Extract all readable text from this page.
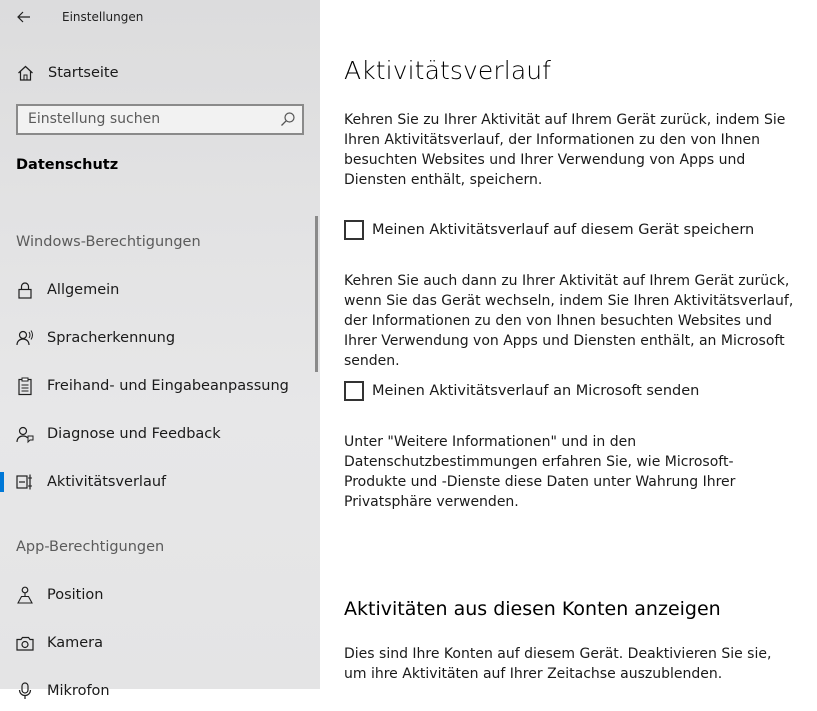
Einstellungen
Startseite
Einstellung suchen
Datenschutz
Windows-Berechtigungen
Allgemein
Spracherkennung
Freihand- und Eingabeanpassung
Diagnose und Feedback
Aktivitätsverlauf
App-Berechtigungen
Position
Kamera
Mikrofon
Aktivitätsverlauf
Kehren Sie zu Ihrer Aktivität auf Ihrem Gerät zurück, indem Sie Ihren Aktivitätsverlauf, der Informationen zu den von Ihnen besuchten Websites und Ihrer Verwendung von Apps und Diensten enthält, speichern.
Meinen Aktivitätsverlauf auf diesem Gerät speichern
Kehren Sie auch dann zu Ihrer Aktivität auf Ihrem Gerät zurück, wenn Sie das Gerät wechseln, indem Sie Ihren Aktivitätsverlauf, der Informationen zu den von Ihnen besuchten Websites und Ihrer Verwendung von Apps und Diensten enthält, an Microsoft senden.
Meinen Aktivitätsverlauf an Microsoft senden
Unter "Weitere Informationen" und in den Datenschutzbestimmungen erfahren Sie, wie Microsoft-Produkte und -Dienste diese Daten unter Wahrung Ihrer Privatsphäre verwenden.
Aktivitäten aus diesen Konten anzeigen
Dies sind Ihre Konten auf diesem Gerät. Deaktivieren Sie sie, um ihre Aktivitäten auf Ihrer Zeitachse auszublenden.
